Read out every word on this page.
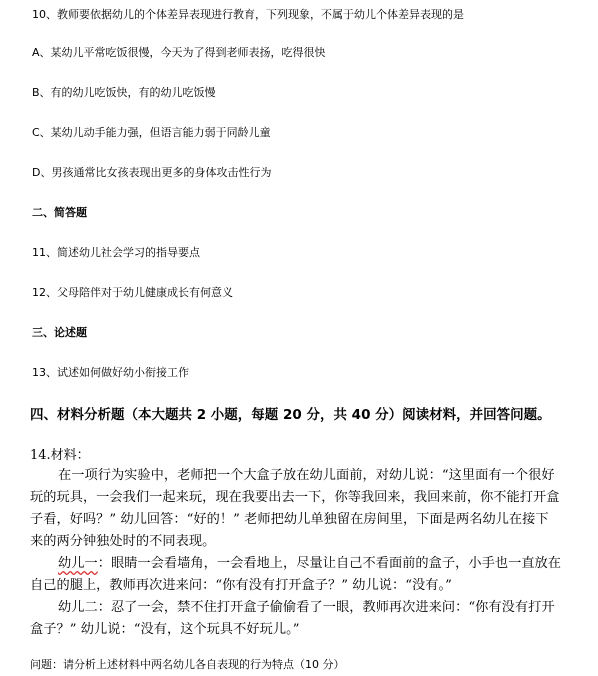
10、教师要依据幼儿的个体差异表现进行教育，下列现象，不属于幼儿个体差异表现的是
A、某幼儿平常吃饭很慢，今天为了得到老师表扬，吃得很快
B、有的幼儿吃饭快，有的幼儿吃饭慢
C、某幼儿动手能力强，但语言能力弱于同龄儿童
D、男孩通常比女孩表现出更多的身体攻击性行为
二、简答题
11、简述幼儿社会学习的指导要点
12、父母陪伴对于幼儿健康成长有何意义
三、论述题
13、试述如何做好幼小衔接工作
四、材料分析题（本大题共 2 小题，每题 20 分，共 40 分）阅读材料，并回答问题。
14.材料：
在一项行为实验中，老师把一个大盒子放在幼儿面前，对幼儿说：“这里面有一个很好
玩的玩具，一会我们一起来玩，现在我要出去一下，你等我回来，我回来前，你不能打开盒
子看，好吗？” 幼儿回答：“好的！” 老师把幼儿单独留在房间里，下面是两名幼儿在接下
来的两分钟独处时的不同表现。
幼儿一：眼睛一会看墙角，一会看地上，尽量让自己不看面前的盒子，小手也一直放在
自己的腿上，教师再次进来问：“你有没有打开盒子？” 幼儿说：“没有。”
幼儿二：忍了一会，禁不住打开盒子偷偷看了一眼，教师再次进来问：“你有没有打开
盒子？” 幼儿说：“没有，这个玩具不好玩儿。”
问题：请分析上述材料中两名幼儿各自表现的行为特点（10 分）
